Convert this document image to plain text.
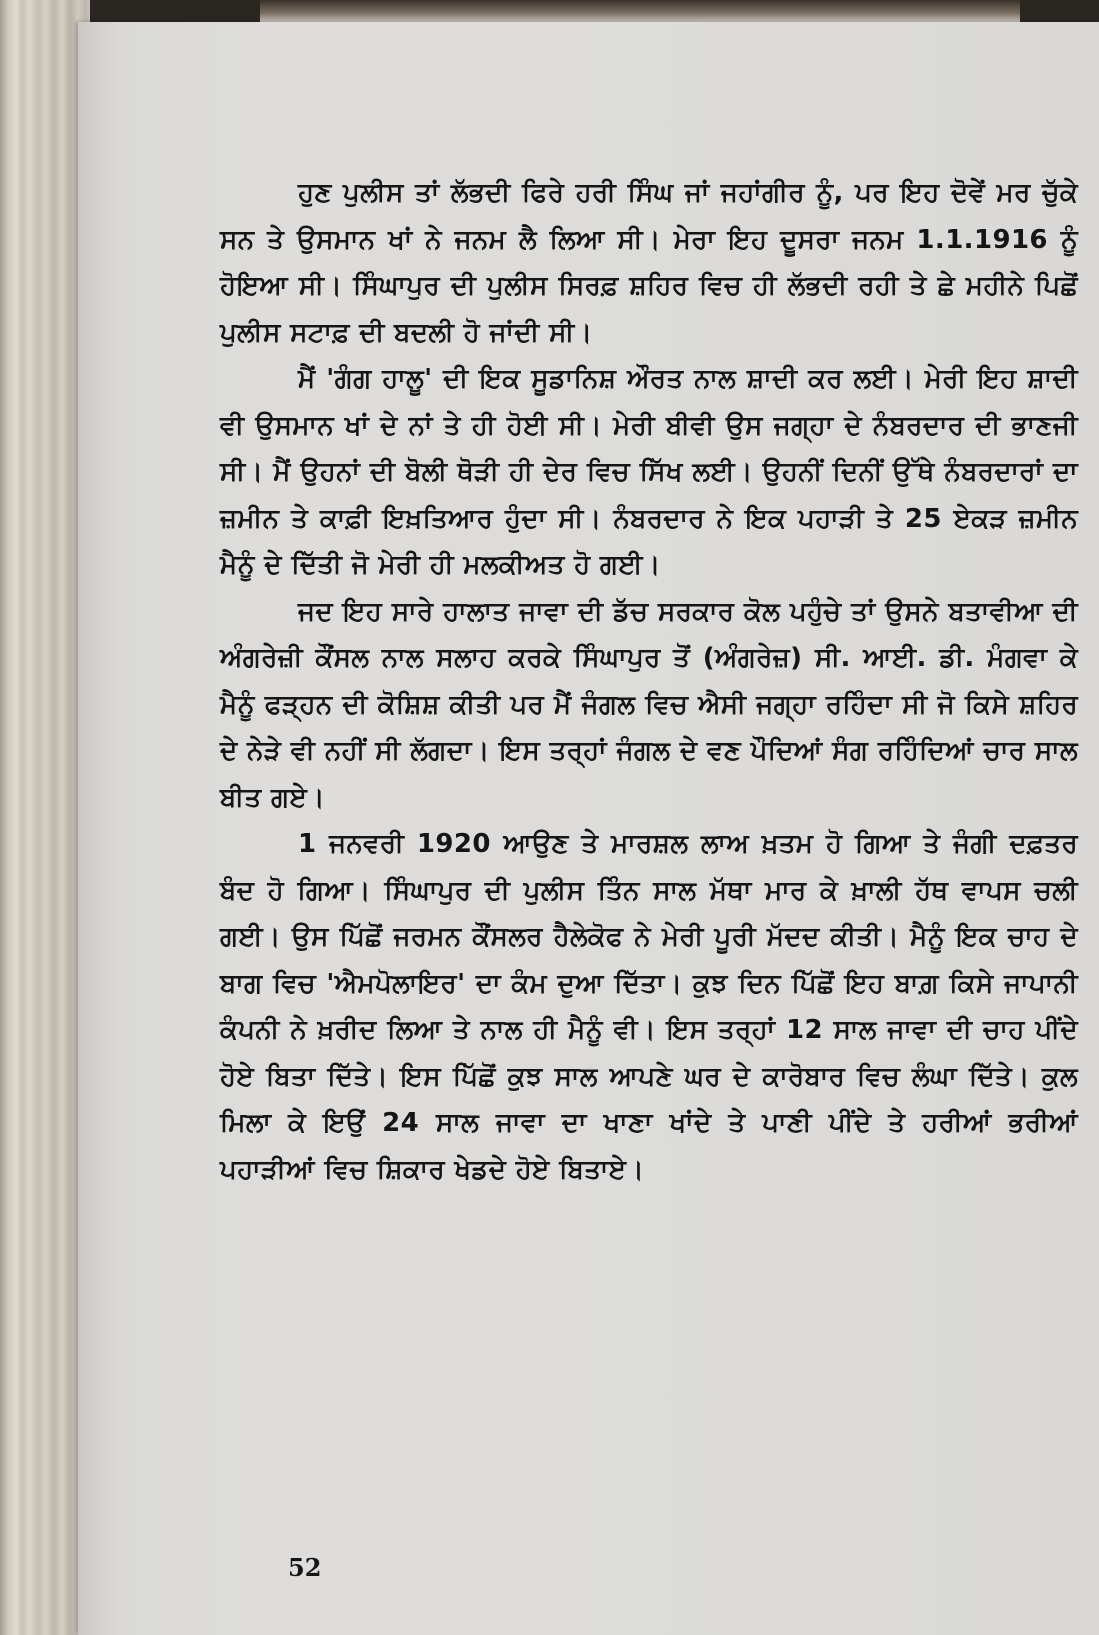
ਹੁਣ ਪੁਲੀਸ ਤਾਂ ਲੱਭਦੀ ਫਿਰੇ ਹਰੀ ਸਿੰਘ ਜਾਂ ਜਹਾਂਗੀਰ ਨੂੰ, ਪਰ ਇਹ ਦੋਵੇਂ ਮਰ ਚੁੱਕੇ ਸਨ ਤੇ ਉਸਮਾਨ ਖਾਂ ਨੇ ਜਨਮ ਲੈ ਲਿਆ ਸੀ। ਮੇਰਾ ਇਹ ਦੂਸਰਾ ਜਨਮ 1.1.1916 ਨੂੰ ਹੋਇਆ ਸੀ। ਸਿੰਘਾਪੁਰ ਦੀ ਪੁਲੀਸ ਸਿਰਫ਼ ਸ਼ਹਿਰ ਵਿਚ ਹੀ ਲੱਭਦੀ ਰਹੀ ਤੇ ਛੇ ਮਹੀਨੇ ਪਿਛੋਂ ਪੁਲੀਸ ਸਟਾਫ਼ ਦੀ ਬਦਲੀ ਹੋ ਜਾਂਦੀ ਸੀ।

ਮੈਂ 'ਗੰਗ ਹਾਲੂ' ਦੀ ਇਕ ਸੂਡਾਨਿਸ਼ ਔਰਤ ਨਾਲ ਸ਼ਾਦੀ ਕਰ ਲਈ। ਮੇਰੀ ਇਹ ਸ਼ਾਦੀ ਵੀ ਉਸਮਾਨ ਖਾਂ ਦੇ ਨਾਂ ਤੇ ਹੀ ਹੋਈ ਸੀ। ਮੇਰੀ ਬੀਵੀ ਉਸ ਜਗ੍ਹਾ ਦੇ ਨੰਬਰਦਾਰ ਦੀ ਭਾਣਜੀ ਸੀ। ਮੈਂ ਉਹਨਾਂ ਦੀ ਬੋਲੀ ਥੋੜੀ ਹੀ ਦੇਰ ਵਿਚ ਸਿੱਖ ਲਈ। ਉਹਨੀਂ ਦਿਨੀਂ ਉੱਥੇ ਨੰਬਰਦਾਰਾਂ ਦਾ ਜ਼ਮੀਨ ਤੇ ਕਾਫ਼ੀ ਇਖ਼ਤਿਆਰ ਹੁੰਦਾ ਸੀ। ਨੰਬਰਦਾਰ ਨੇ ਇਕ ਪਹਾੜੀ ਤੇ 25 ਏਕੜ ਜ਼ਮੀਨ ਮੈਨੂੰ ਦੇ ਦਿੱਤੀ ਜੋ ਮੇਰੀ ਹੀ ਮਲਕੀਅਤ ਹੋ ਗਈ।

ਜਦ ਇਹ ਸਾਰੇ ਹਾਲਾਤ ਜਾਵਾ ਦੀ ਡੱਚ ਸਰਕਾਰ ਕੋਲ ਪਹੁੰਚੇ ਤਾਂ ਉਸਨੇ ਬਤਾਵੀਆ ਦੀ ਅੰਗਰੇਜ਼ੀ ਕੌਂਸਲ ਨਾਲ ਸਲਾਹ ਕਰਕੇ ਸਿੰਘਾਪੁਰ ਤੋਂ (ਅੰਗਰੇਜ਼) ਸੀ. ਆਈ. ਡੀ. ਮੰਗਵਾ ਕੇ ਮੈਨੂੰ ਫੜ੍ਹਨ ਦੀ ਕੋਸ਼ਿਸ਼ ਕੀਤੀ ਪਰ ਮੈਂ ਜੰਗਲ ਵਿਚ ਐਸੀ ਜਗ੍ਹਾ ਰਹਿੰਦਾ ਸੀ ਜੋ ਕਿਸੇ ਸ਼ਹਿਰ ਦੇ ਨੇੜੇ ਵੀ ਨਹੀਂ ਸੀ ਲੱਗਦਾ। ਇਸ ਤਰ੍ਹਾਂ ਜੰਗਲ ਦੇ ਵਣ ਪੌਦਿਆਂ ਸੰਗ ਰਹਿੰਦਿਆਂ ਚਾਰ ਸਾਲ ਬੀਤ ਗਏ।

1 ਜਨਵਰੀ 1920 ਆਉਣ ਤੇ ਮਾਰਸ਼ਲ ਲਾਅ ਖ਼ਤਮ ਹੋ ਗਿਆ ਤੇ ਜੰਗੀ ਦਫ਼ਤਰ ਬੰਦ ਹੋ ਗਿਆ। ਸਿੰਘਾਪੁਰ ਦੀ ਪੁਲੀਸ ਤਿੰਨ ਸਾਲ ਮੱਥਾ ਮਾਰ ਕੇ ਖ਼ਾਲੀ ਹੱਥ ਵਾਪਸ ਚਲੀ ਗਈ। ਉਸ ਪਿੱਛੋਂ ਜਰਮਨ ਕੌਂਸਲਰ ਹੈਲੇਕੋਫ ਨੇ ਮੇਰੀ ਪੂਰੀ ਮੱਦਦ ਕੀਤੀ। ਮੈਨੂੰ ਇਕ ਚਾਹ ਦੇ ਬਾਗ ਵਿਚ 'ਐਮਪੋਲਾਇਰ' ਦਾ ਕੰਮ ਦੁਆ ਦਿੱਤਾ। ਕੁਝ ਦਿਨ ਪਿੱਛੋਂ ਇਹ ਬਾਗ਼ ਕਿਸੇ ਜਾਪਾਨੀ ਕੰਪਨੀ ਨੇ ਖ਼ਰੀਦ ਲਿਆ ਤੇ ਨਾਲ ਹੀ ਮੈਨੂੰ ਵੀ। ਇਸ ਤਰ੍ਹਾਂ 12 ਸਾਲ ਜਾਵਾ ਦੀ ਚਾਹ ਪੀਂਦੇ ਹੋਏ ਬਿਤਾ ਦਿੱਤੇ। ਇਸ ਪਿੱਛੋਂ ਕੁਝ ਸਾਲ ਆਪਣੇ ਘਰ ਦੇ ਕਾਰੋਬਾਰ ਵਿਚ ਲੰਘਾ ਦਿੱਤੇ। ਕੁਲ ਮਿਲਾ ਕੇ ਇਉਂ 24 ਸਾਲ ਜਾਵਾ ਦਾ ਖਾਣਾ ਖਾਂਦੇ ਤੇ ਪਾਣੀ ਪੀਂਦੇ ਤੇ ਹਰੀਆਂ ਭਰੀਆਂ ਪਹਾੜੀਆਂ ਵਿਚ ਸ਼ਿਕਾਰ ਖੇਡਦੇ ਹੋਏ ਬਿਤਾਏ।

52
